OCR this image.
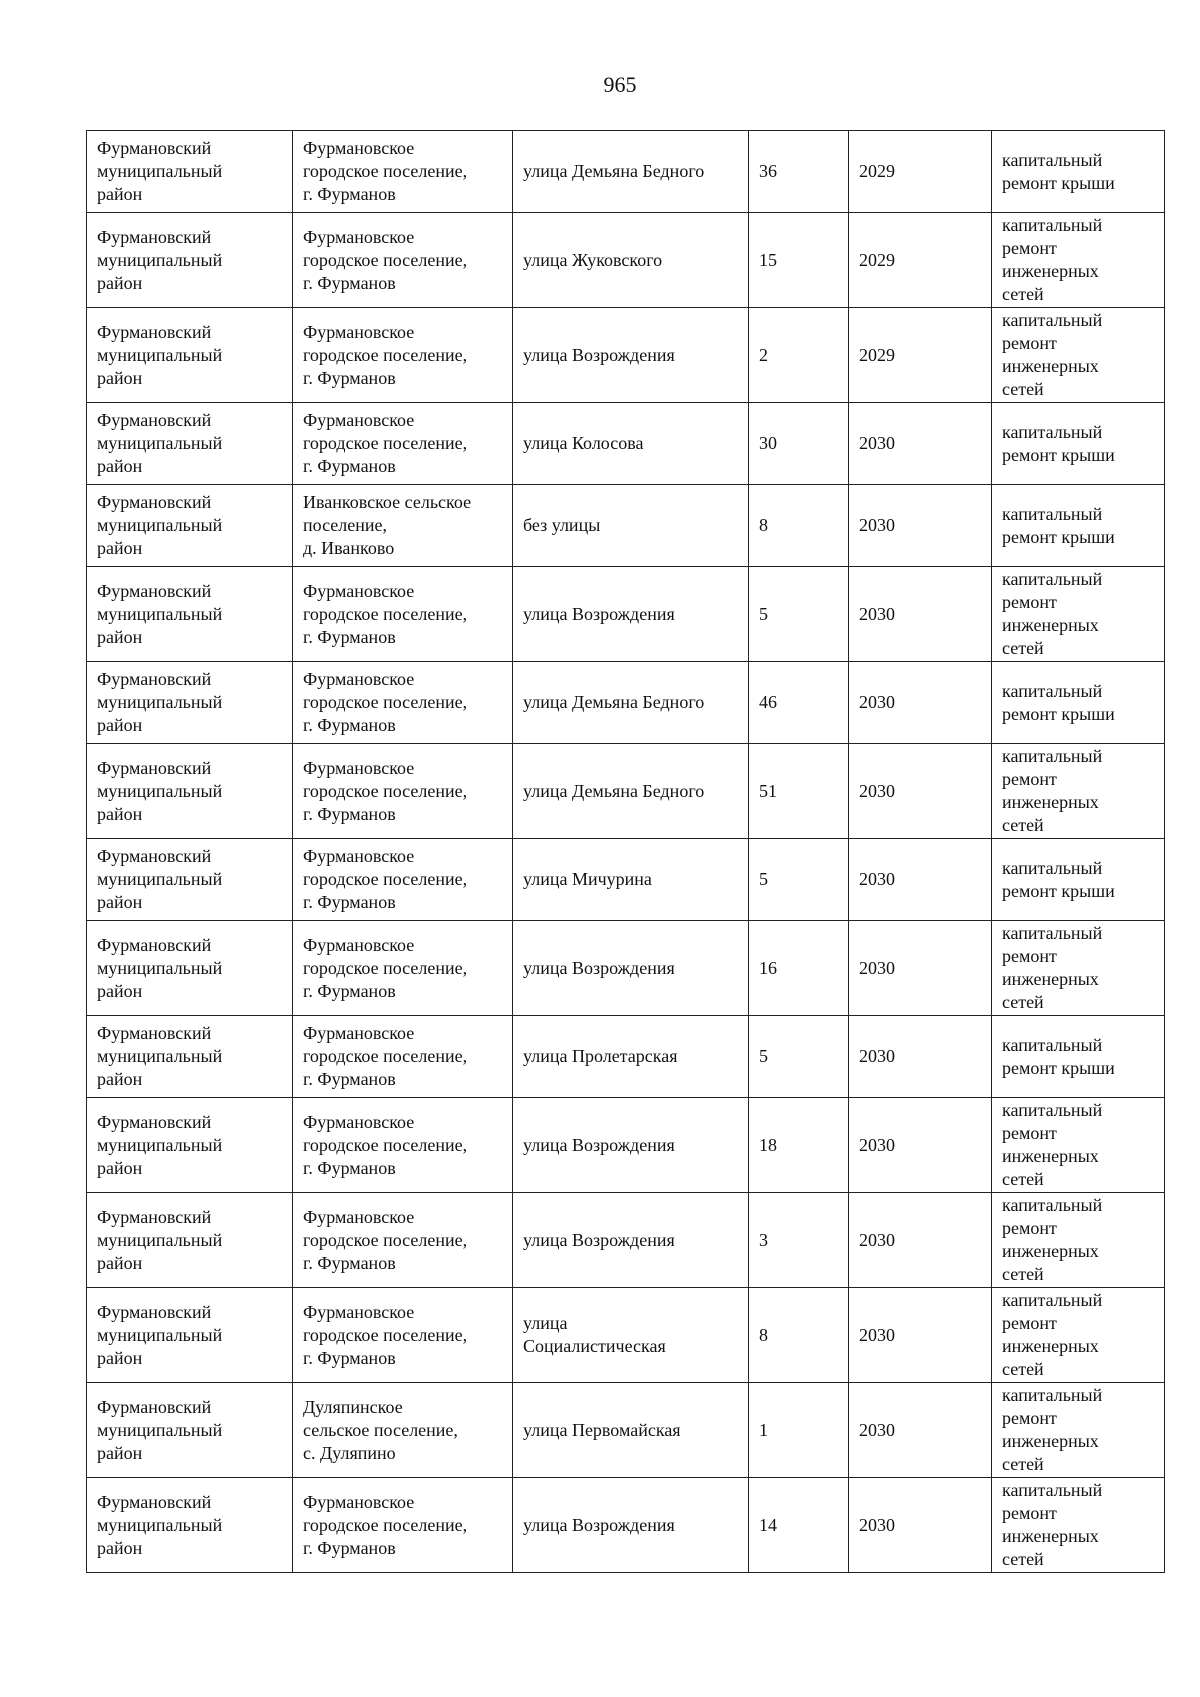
965
Фурмановский
муниципальный
район	Фурмановское
городское поселение,
г. Фурманов	улица Демьяна Бедного	36	2029	капитальный
ремонт крыши

Фурмановский
муниципальный
район	Фурмановское
городское поселение,
г. Фурманов	улица Жуковского	15	2029	капитальный
ремонт
инженерных
сетей

Фурмановский
муниципальный
район	Фурмановское
городское поселение,
г. Фурманов	улица Возрождения	2	2029	капитальный
ремонт
инженерных
сетей

Фурмановский
муниципальный
район	Фурмановское
городское поселение,
г. Фурманов	улица Колосова	30	2030	капитальный
ремонт крыши

Фурмановский
муниципальный
район	Иванковское сельское
поселение,
д. Иванково	без улицы	8	2030	капитальный
ремонт крыши

Фурмановский
муниципальный
район	Фурмановское
городское поселение,
г. Фурманов	улица Возрождения	5	2030	капитальный
ремонт
инженерных
сетей

Фурмановский
муниципальный
район	Фурмановское
городское поселение,
г. Фурманов	улица Демьяна Бедного	46	2030	капитальный
ремонт крыши

Фурмановский
муниципальный
район	Фурмановское
городское поселение,
г. Фурманов	улица Демьяна Бедного	51	2030	капитальный
ремонт
инженерных
сетей

Фурмановский
муниципальный
район	Фурмановское
городское поселение,
г. Фурманов	улица Мичурина	5	2030	капитальный
ремонт крыши

Фурмановский
муниципальный
район	Фурмановское
городское поселение,
г. Фурманов	улица Возрождения	16	2030	капитальный
ремонт
инженерных
сетей

Фурмановский
муниципальный
район	Фурмановское
городское поселение,
г. Фурманов	улица Пролетарская	5	2030	капитальный
ремонт крыши

Фурмановский
муниципальный
район	Фурмановское
городское поселение,
г. Фурманов	улица Возрождения	18	2030	капитальный
ремонт
инженерных
сетей

Фурмановский
муниципальный
район	Фурмановское
городское поселение,
г. Фурманов	улица Возрождения	3	2030	капитальный
ремонт
инженерных
сетей

Фурмановский
муниципальный
район	Фурмановское
городское поселение,
г. Фурманов	улица
Социалистическая	8	2030	капитальный
ремонт
инженерных
сетей

Фурмановский
муниципальный
район	Дуляпинское
сельское поселение,
с. Дуляпино	улица Первомайская	1	2030	капитальный
ремонт
инженерных
сетей

Фурмановский
муниципальный
район	Фурмановское
городское поселение,
г. Фурманов	улица Возрождения	14	2030	капитальный
ремонт
инженерных
сетей
